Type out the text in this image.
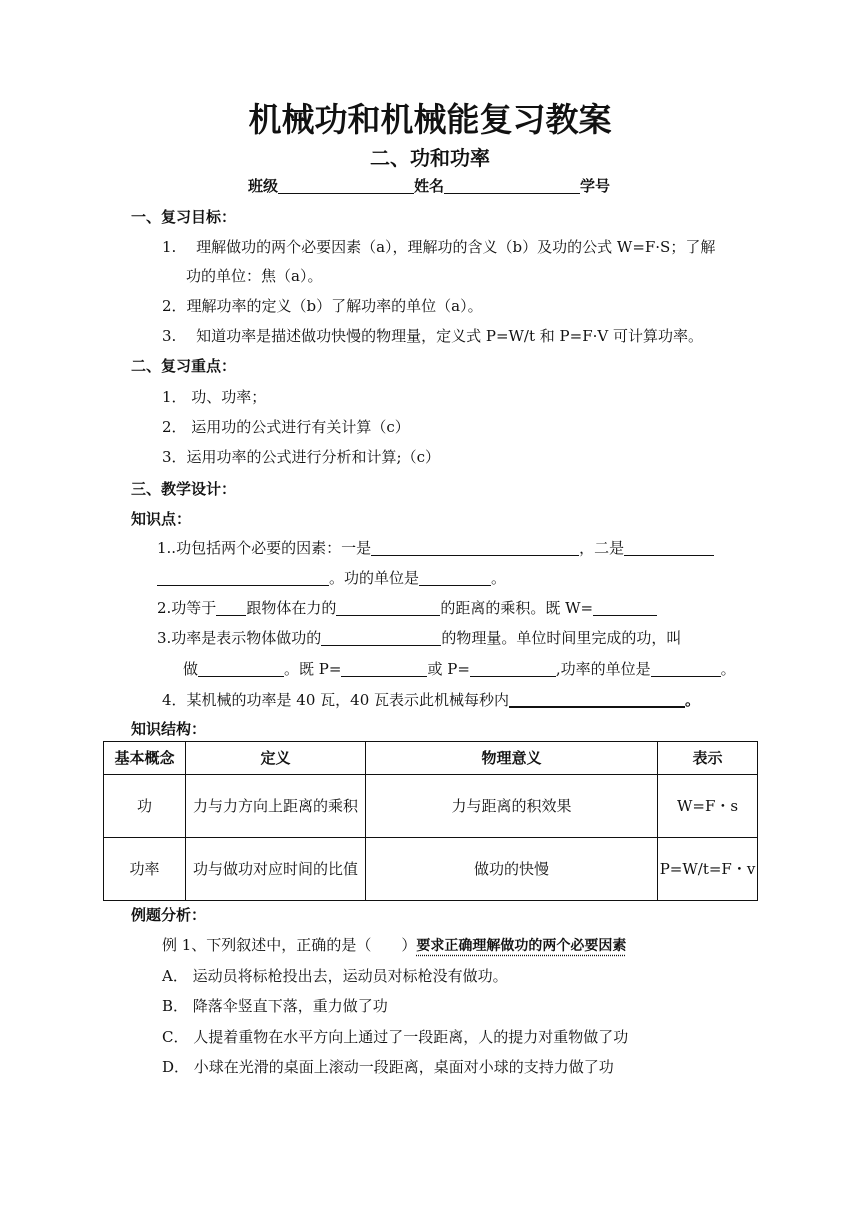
机械功和机械能复习教案
二、功和功率
班级	姓名	学号
一、复习目标：
1.　 理解做功的两个必要因素（a），理解功的含义（b）及功的公式 W=F·S；了解
功的单位：焦（a）。
2．理解功率的定义（b）了解功率的单位（a）。
3.　 知道功率是描述做功快慢的物理量，定义式 P=W/t 和 P=F·V 可计算功率。
二、复习重点：
1． 功、功率；
2． 运用功的公式进行有关计算（c）
3．运用功率的公式进行分析和计算;（c）
三、教学设计：
知识点：
1..功包括两个必要的因素：一是	，二是
。功的单位是	。
2.功等于 跟物体在力的	的距离的乘积。既 W=
3.功率是表示物体做功的	的物理量。单位时间里完成的功，叫
做	。既 P=	或 P=	,功率的单位是	。
4．某机械的功率是 40 瓦，40 瓦表示此机械每秒内	。
知识结构：
基本概念	定义	物理意义	表示
功	力与力方向上距离的乘积	力与距离的积效果	W=F・s
功率	功与做功对应时间的比值	做功的快慢	P=W/t=F・v
例题分析：
例 1、下列叙述中，正确的是（　　）要求正确理解做功的两个必要因素
A． 运动员将标枪投出去，运动员对标枪没有做功。
B． 降落伞竖直下落，重力做了功
C． 人提着重物在水平方向上通过了一段距离，人的提力对重物做了功
D． 小球在光滑的桌面上滚动一段距离，桌面对小球的支持力做了功
